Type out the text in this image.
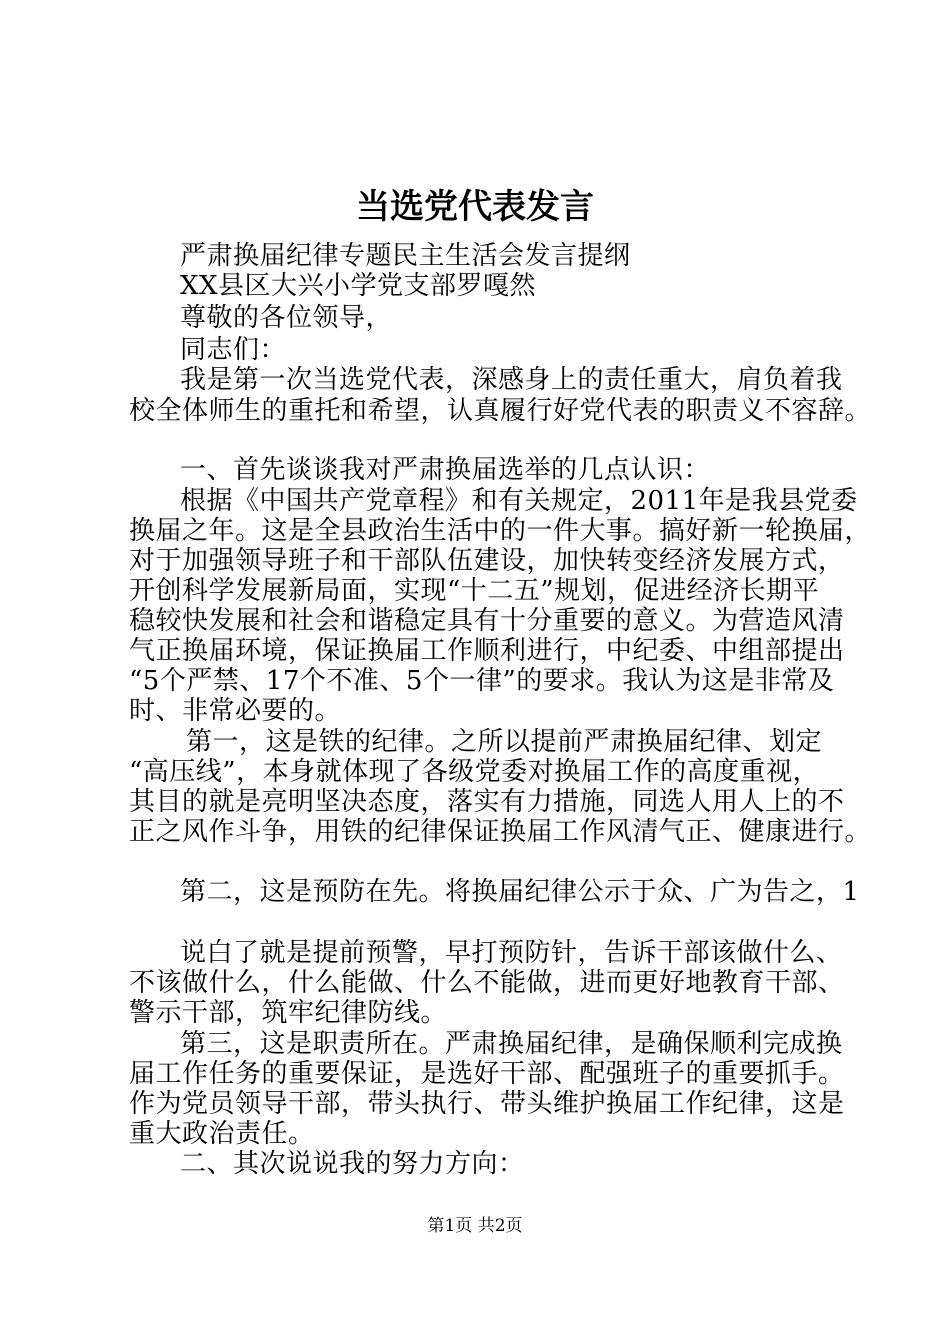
当选党代表发言
严肃换届纪律专题民主生活会发言提纲
XX县区大兴小学党支部罗嘎然
尊敬的各位领导，
同志们：
我是第一次当选党代表，深感身上的责任重大，肩负着我
校全体师生的重托和希望，认真履行好党代表的职责义不容辞。
一、首先谈谈我对严肃换届选举的几点认识：
根据《中国共产党章程》和有关规定，2011年是我县党委
换届之年。这是全县政治生活中的一件大事。搞好新一轮换届，
对于加强领导班子和干部队伍建设，加快转变经济发展方式，
开创科学发展新局面，实现“十二五”规划，促进经济长期平
稳较快发展和社会和谐稳定具有十分重要的意义。为营造风清
气正换届环境，保证换届工作顺利进行，中纪委、中组部提出
“5个严禁、17个不准、5个一律”的要求。我认为这是非常及
时、非常必要的。
第一，这是铁的纪律。之所以提前严肃换届纪律、划定
“高压线”，本身就体现了各级党委对换届工作的高度重视，
其目的就是亮明坚决态度，落实有力措施，同选人用人上的不
正之风作斗争，用铁的纪律保证换届工作风清气正、健康进行。
第二，这是预防在先。将换届纪律公示于众、广为告之，1
说白了就是提前预警，早打预防针，告诉干部该做什么、
不该做什么，什么能做、什么不能做，进而更好地教育干部、
警示干部，筑牢纪律防线。
第三，这是职责所在。严肃换届纪律，是确保顺利完成换
届工作任务的重要保证，是选好干部、配强班子的重要抓手。
作为党员领导干部，带头执行、带头维护换届工作纪律，这是
重大政治责任。
二、其次说说我的努力方向：
第1页 共2页
